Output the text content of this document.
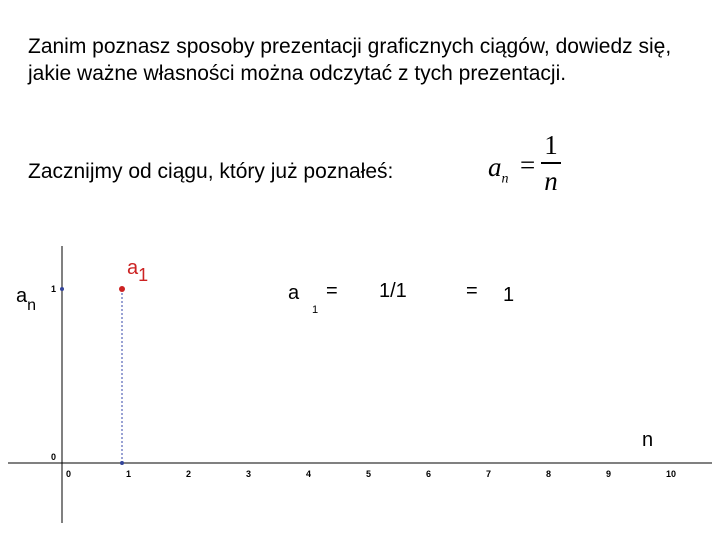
Zanim poznasz sposoby prezentacji graficznych ciągów, dowiedz się, jakie ważne własności można odczytać z tych prezentacji.

Zacznijmy od ciągu, który już poznałeś:	$a_n$ =
1
n
0	1	2	3	4	5	6	7	8	9	10
0
1
$a_n$
n
a1
a
1
= 1/1	= 1
